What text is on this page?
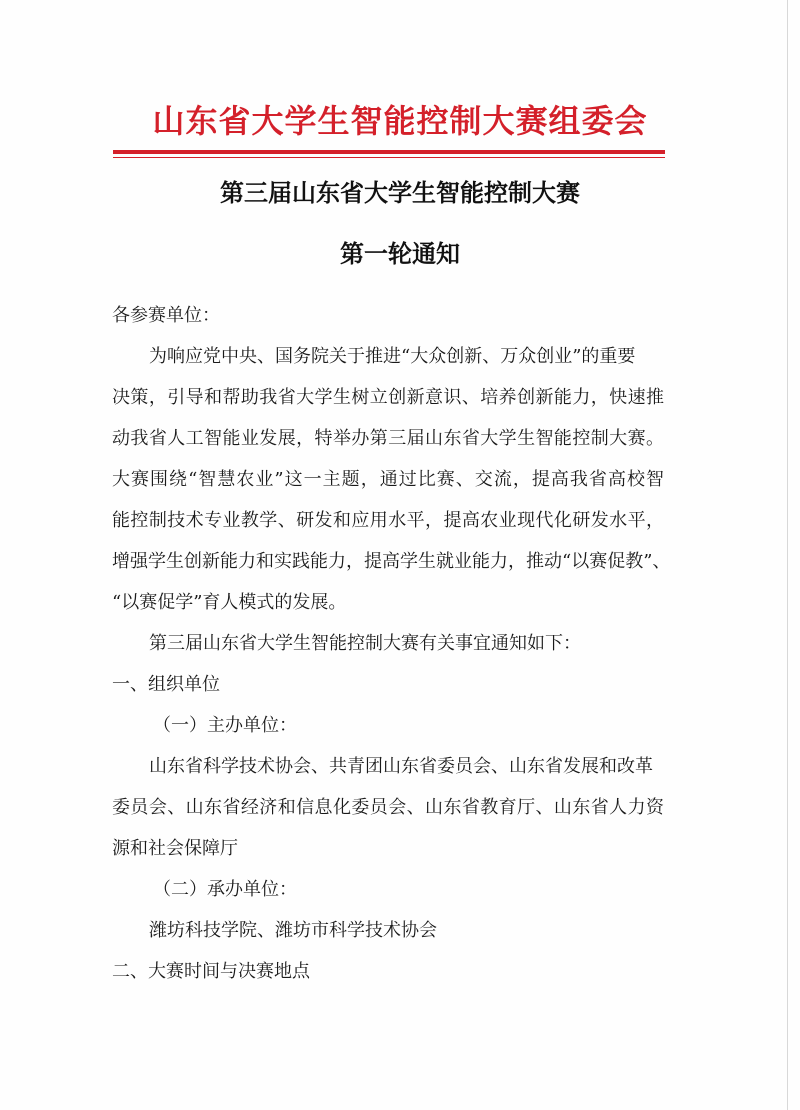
山东省大学生智能控制大赛组委会
第三届山东省大学生智能控制大赛
第一轮通知
各参赛单位：
为响应党中央、国务院关于推进“大众创新、万众创业”的重要
决策，引导和帮助我省大学生树立创新意识、培养创新能力，快速推
动我省人工智能业发展，特举办第三届山东省大学生智能控制大赛。
大赛围绕“智慧农业”这一主题，通过比赛、交流，提高我省高校智
能控制技术专业教学、研发和应用水平，提高农业现代化研发水平，
增强学生创新能力和实践能力，提高学生就业能力，推动“以赛促教”、
“以赛促学”育人模式的发展。
第三届山东省大学生智能控制大赛有关事宜通知如下：
一、组织单位
（一）主办单位：
山东省科学技术协会、共青团山东省委员会、山东省发展和改革
委员会、山东省经济和信息化委员会、山东省教育厅、山东省人力资
源和社会保障厅
（二）承办单位：
潍坊科技学院、潍坊市科学技术协会
二、大赛时间与决赛地点
